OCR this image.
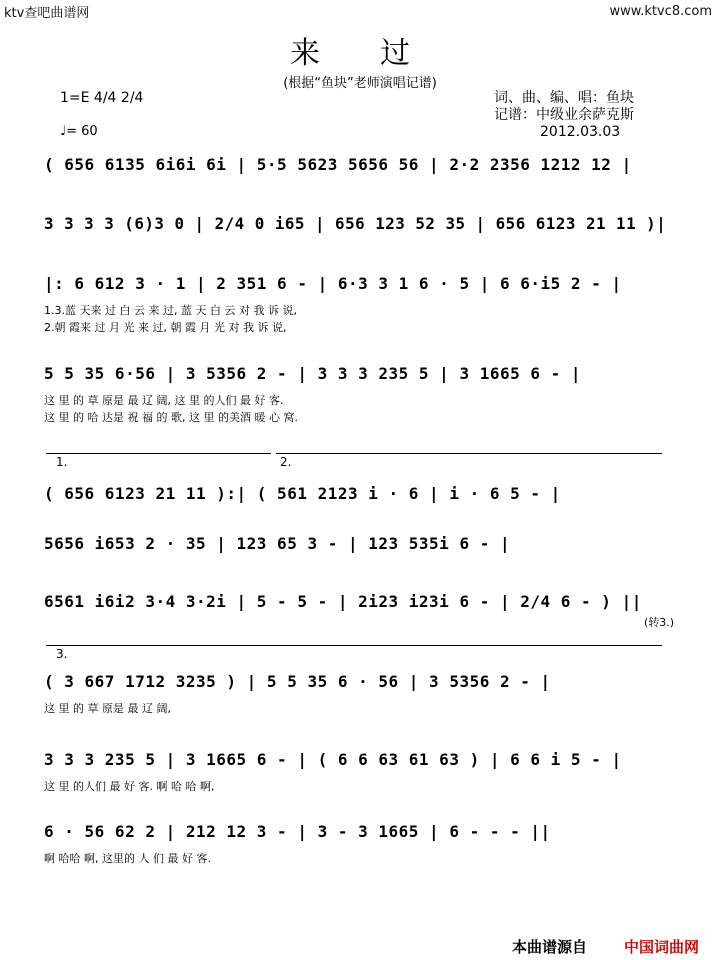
ktv查吧曲谱网	www.ktvc8.com
来过
(根据“鱼块”老师演唱记谱)
词、曲、编、唱：鱼块
记谱：中级业余萨克斯
2012.03.03
1=E 4/4 2/4
♩= 60
1.	2.
3.
(转3.)
( 656 6135 6i6i 6i | 5·5 5623 5656 56 | 2·2 2356 1212 12 |
3 3 3 3 (6)3 0 | 2/4 0 i65 | 656 123 52 35 | 656 6123 21 11 )|
|: 6 612 3 · 1 | 2 351 6 - | 6·3 3 1 6 · 5 | 6 6·i5 2 - |
1.3.蓝 天来 过 白 云 来 过, 蓝 天 白 云 对 我 诉 说,
2.朝 霞来 过 月 光 来 过, 朝 霞 月 光 对 我 诉 说,
5 5 35 6·56 | 3 5356 2 - | 3 3 3 235 5 | 3 1665 6 - |
这 里 的 草 原是 最 辽 阔, 这 里 的人们 最 好 客.
这 里 的 哈 达是 祝 福 的 歌, 这 里 的美酒 暖 心 窝.
( 656 6123 21 11 ):| ( 561 2123 i · 6 | i · 6 5 - |
5656 i653 2 · 35 | 123 65 3 - | 123 535i 6 - |
6561 i6i2 3·4 3·2i | 5 - 5 - | 2i23 i23i 6 - | 2/4 6 - ) ||
( 3 667 1712 3235 ) | 5 5 35 6 · 56 | 3 5356 2 - |
这 里 的 草 原是 最 辽 阔,
3 3 3 235 5 | 3 1665 6 - | ( 6 6 63 61 63 ) | 6 6 i 5 - |
这 里 的人们 最 好 客. 啊 哈 哈 啊,
6 · 56 62 2 | 212 12 3 - | 3 - 3 1665 | 6 - - - ||
啊 哈哈 啊, 这里的 人 们 最 好 客.
本曲谱源自 中国词曲网
